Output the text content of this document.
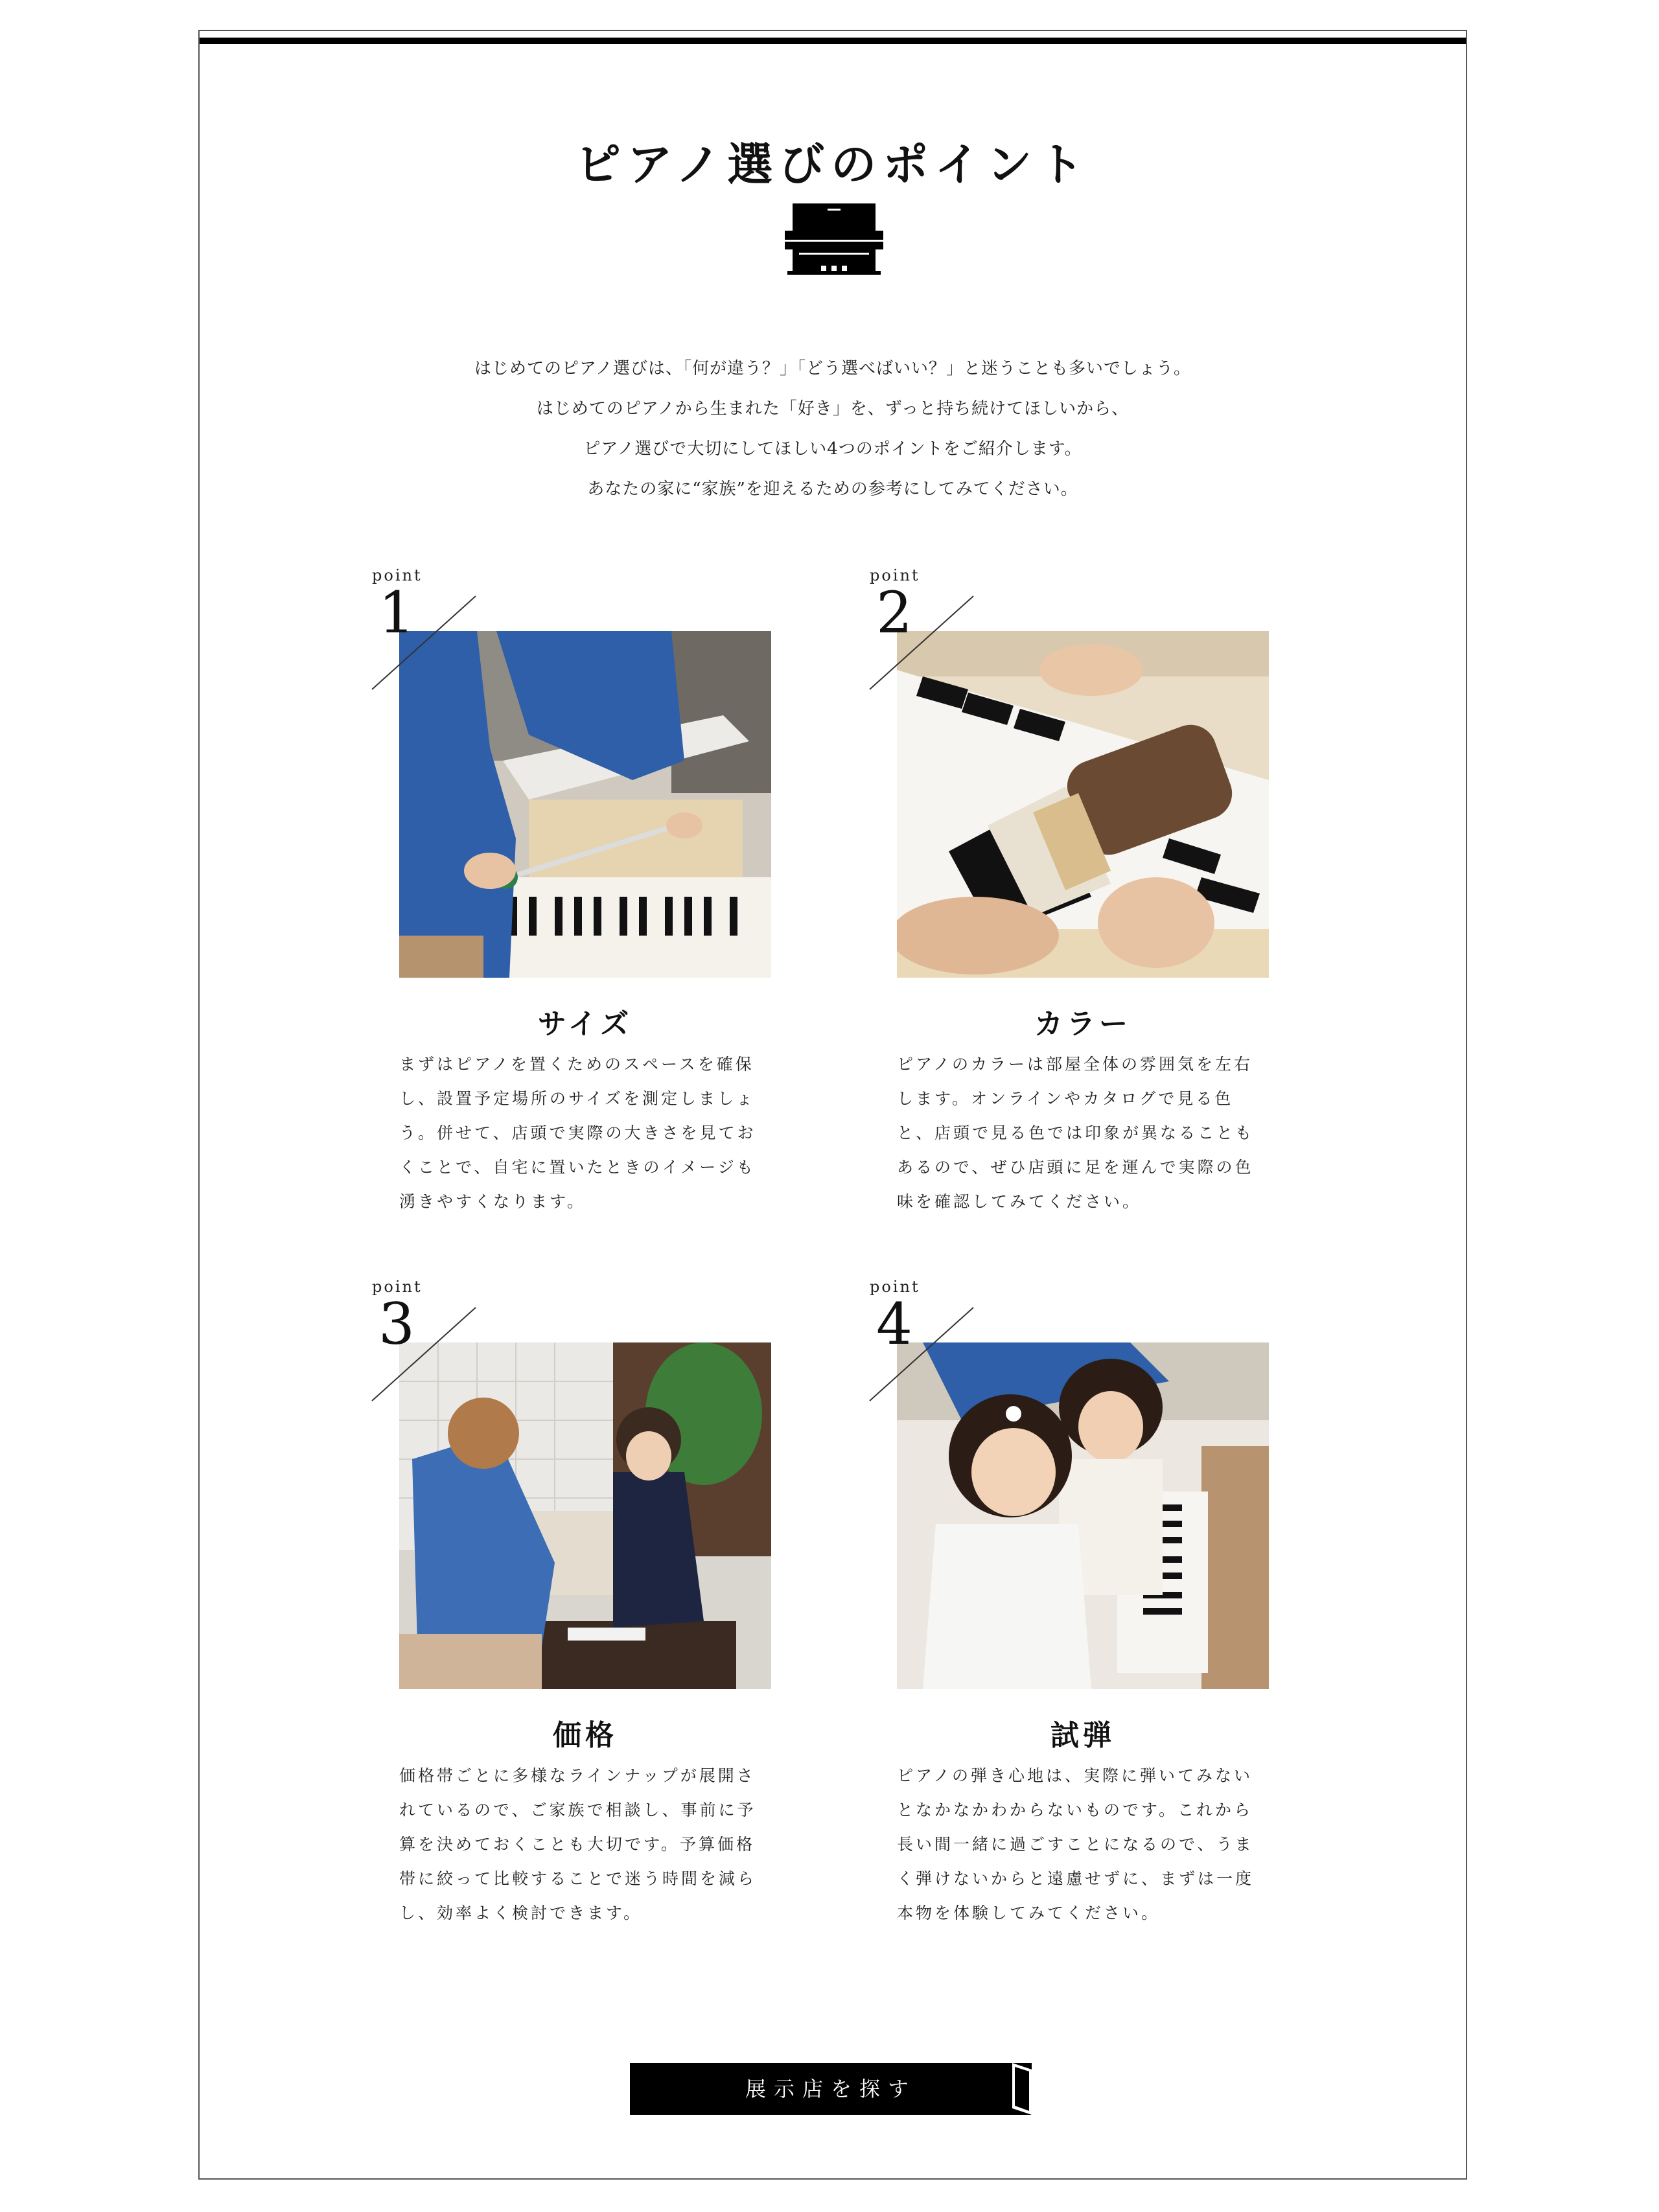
ピアノ選びのポイント

はじめてのピアノ選びは、「何が違う？」「どう選べばいい？」と迷うことも多いでしょう。

はじめてのピアノから生まれた「好き」を、ずっと持ち続けてほしいから、

ピアノ選びで大切にしてほしい4つのポイントをご紹介します。

あなたの家に“家族”を迎えるための参考にしてみてください。

point
1
サイズ

まずはピアノを置くためのスペースを確保し、設置予定場所のサイズを測定しましょう。併せて、店頭で実際の大きさを見ておくことで、自宅に置いたときのイメージも湧きやすくなります。

point
2
カラー

ピアノのカラーは部屋全体の雰囲気を左右します。オンラインやカタログで見る色と、店頭で見る色では印象が異なることもあるので、ぜひ店頭に足を運んで実際の色味を確認してみてください。

point
3
価格

価格帯ごとに多様なラインナップが展開されているので、ご家族で相談し、事前に予算を決めておくことも大切です。予算価格帯に絞って比較することで迷う時間を減らし、効率よく検討できます。

point
4
試弾

ピアノの弾き心地は、実際に弾いてみないとなかなかわからないものです。これから長い間一緒に過ごすことになるので、うまく弾けないからと遠慮せずに、まずは一度本物を体験してみてください。

展示店を探す
